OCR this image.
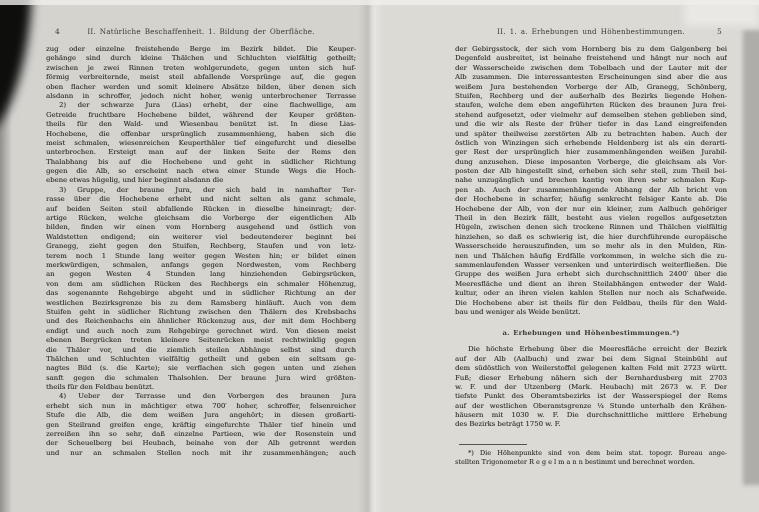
4	II. Natürliche Beschaffenheit. 1. Bildung der Oberfläche.
zug oder einzelne freistehende Berge im Bezirk bildet. Die Keuper-
gehänge sind durch kleine Thälchen und Schluchten vielfältig getheilt;
zwischen je zwei Rinnen treten wohlgerundete, gegen unten sich huf-
förmig verbreiternde, meist steil abfallende Vorsprünge auf, die gegen
oben flacher werden und somit kleinere Absätze bilden, über denen sich
alsdann in schroffer, jedoch nicht hoher, wenig unterbrochener Terrasse
2) der schwarze Jura (Lias) erhebt, der eine flachwellige, am
Getreide fruchtbare Hochebene bildet, während der Keuper größten-
theils für den Wald- und Wiesenbau benützt ist. In diese Lias-
Hochebene, die offenbar ursprünglich zusammenhieng, haben sich die
meist schmalen, wiesenreichen Keuperthäler tief eingefurcht und dieselbe
unterbrochen. Ersteigt man auf der linken Seite der Rems den
Thalabhang bis auf die Hochebene und geht in südlicher Richtung
gegen die Alb, so erscheint nach etwa einer Stunde Wegs die Hoch-
ebene etwas hügelig, und hier beginnt alsdann die
3) Gruppe, der braune Jura, der sich bald in namhafter Ter-
rasse über die Hochebene erhebt und nicht selten als ganz schmale,
auf beiden Seiten steil abfallende Rücken in dieselbe hineinragt; der-
artige Rücken, welche gleichsam die Vorberge der eigentlichen Alb
bilden, finden wir einen vom Hornberg ausgehend und östlich von
Waldstetten endigend; ein weiterer viel bedeutenderer beginnt bei
Granegg, zieht gegen den Stuifen, Rechberg, Staufen und von letz-
terem noch 1 Stunde lang weiter gegen Westen hin; er bildet einen
merkwürdigen, schmalen, anfangs gegen Nordwesten, vom Rechberg
an gegen Westen 4 Stunden lang hinziehenden Gebirgsrücken,
von dem am südlichen Rücken des Rechbergs ein schmaler Höhenzug,
das sogenannte Rehgebirge abgeht und in südlicher Richtung an der
westlichen Bezirksgrenze bis zu dem Ramsberg hinläuft. Auch von dem
Stuifen geht in südlicher Richtung zwischen den Thälern des Krebsbachs
und des Reichenbachs ein ähnlicher Rückenzug aus, der mit dem Hochberg
endigt und auch noch zum Rehgebirge gerechnet wird. Von diesen meist
ebenen Bergrücken treten kleinere Seitenrücken meist rechtwinklig gegen
die Thäler vor, und die ziemlich steilen Abhänge selbst sind durch
Thälchen und Schluchten vielfältig getheilt und geben ein seltsam ge-
nagtes Bild (s. die Karte); sie verflachen sich gegen unten und ziehen
sanft gegen die schmalen Thalsohlen. Der braune Jura wird größten-
theils für den Feldbau benützt.
4) Ueber der Terrasse und den Vorbergen des braunen Jura
erhebt sich nun in mächtiger etwa 700′ hoher, schroffer, felsenreicher
Stufe die Alb, die dem weißen Jura angehört; in diesen großarti-
gen Steilrand greifen enge, kräftig eingefurchte Thäler tief hinein und
zerreißen ihn so sehr, daß einzelne Partieen, wie der Rosenstein und
der Scheuelberg bei Heubach, beinahe von der Alb getrennt werden
und nur an schmalen Stellen noch mit ihr zusammenhängen; auch
II. 1. a. Erhebungen und Höhenbestimmungen.	5
der Gebirgsstock, der sich vom Hornberg bis zu dem Galgenberg bei
Degenfeld ausbreitet, ist beinahe freistehend und hängt nur noch auf
der Wasserscheide zwischen dem Tobelbach und der Lauter mit der
Alb zusammen. Die interessantesten Erscheinungen sind aber die aus
weißem Jura bestehenden Vorberge der Alb, Granegg, Schönberg,
Stuifen, Rechberg und der außerhalb des Bezirks liegende Hohen-
staufen, welche dem eben angeführten Rücken des braunen Jura frei-
stehend aufgesetzt, oder vielmehr auf demselben stehen geblieben sind,
und die wir als Reste der früher tiefer in das Land eingreifenden
und später theilweise zerstörten Alb zu betrachten haben. Auch der
östlich von Winzingen sich erhebende Heldenberg ist als ein derarti-
ger Rest der ursprünglich hier zusammenhängenden weißen Jurabil-
dung anzusehen. Diese imposanten Vorberge, die gleichsam als Vor-
posten der Alb hingestellt sind, erheben sich sehr steil, zum Theil bei-
nahe unzugänglich und brechen kantig von ihren sehr schmalen Kup-
pen ab. Auch der zusammenhängende Abhang der Alb bricht von
der Hochebene in scharfer, häufig senkrecht felsiger Kante ab. Die
Hochebene der Alb, von der nur ein kleiner, zum Aalbuch gehöriger
Theil in den Bezirk fällt, besteht aus vielen regellos aufgesetzten
Hügeln, zwischen denen sich trockene Rinnen und Thälchen vielfältig
hinziehen, so daß es schwierig ist, die hier durchführende europäische
Wasserscheide herauszufinden, um so mehr als in den Mulden, Rin-
nen und Thälchen häufig Erdfälle vorkommen, in welche sich die zu-
sammenlaufenden Wasser versenken und unterirdisch weiterfließen. Die
Gruppe des weißen Jura erhebt sich durchschnittlich 2400′ über die
Meeresfläche und dient an ihren Steilabhängen entweder der Wald-
kultur, oder an ihren vielen kahlen Stellen nur noch als Schafweide.
Die Hochebene aber ist theils für den Feldbau, theils für den Wald-
bau und weniger als Weide benützt.
a. Erhebungen und Höhenbestimmungen.*)
Die höchste Erhebung über die Meeresfläche erreicht der Bezirk
auf der Alb (Aalbuch) und zwar bei dem Signal Steinbühl auf
dem südöstlich von Weilerstoffel gelegenen kalten Feld mit 2723 württ.
Fuß; dieser Erhebung nähern sich der Bernhardusberg mit 2703
w. F. und der Utzenberg (Mark. Heubach) mit 2673 w. F. Der
tiefste Punkt des Oberamtsbezirks ist der Wasserspiegel der Rems
auf der westlichen Oberamtsgrenze ¼ Stunde unterhalb den Krähen-
häusern mit 1030 w. F. Die durchschnittliche mittlere Erhebung
des Bezirks beträgt 1750 w. F.
*) Die Höhenpunkte sind von dem beim stat. topogr. Bureau ange-
stellten Trigonometer R e g e l m a n n bestimmt und berechnet worden.
